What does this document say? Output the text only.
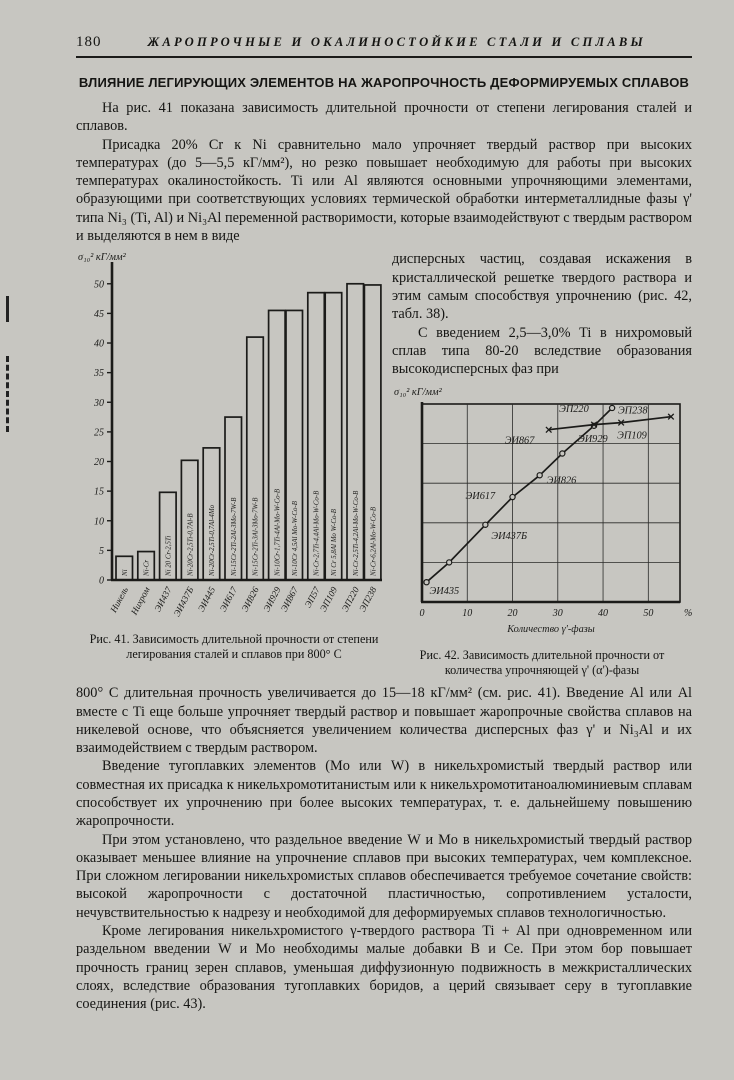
180	ЖАРОПРОЧНЫЕ И ОКАЛИНОСТОЙКИЕ СТАЛИ И СПЛАВЫ
ВЛИЯНИЕ ЛЕГИРУЮЩИХ ЭЛЕМЕНТОВ НА ЖАРОПРОЧНОСТЬ ДЕФОРМИРУЕМЫХ СПЛАВОВ

На рис. 41 показана зависимость длительной прочности от степени легирования сталей и сплавов.

Присадка 20% Cr к Ni сравнительно мало упрочняет твердый раствор при высоких температурах (до 5—5,5 кГ/мм²), но резко повышает необходимую для работы при высоких температурах окалиностойкость. Ti или Al являются основными упрочняющими элементами, образующими при соответствующих условиях термической обработки интерметаллидные фазы γ' типа Ni₃ (Ti, Al) и Ni₃Al переменной растворимости, которые взаимодействуют с твердым раствором и выделяются в нем в виде

0
5
10
15
20
25
30
35
40
45
50
σ₁₀² кГ/мм²
Ni
Никель
Ni-Cr
Нихром
Ni 20 Cr-2,5Ti
ЭИ437
Ni-20Cr-2,5Ti-0,7Al-B
ЭИ437Б
Ni-20Cr-2,5Ti-0,7Al-4Mo
ЭИ445
Ni-15Cr-2Ti-2Al-3Mo-7W-B
ЭИ617
Ni-15Cr-2Ti-3Al-3Mo-7W-B
ЭИ826
Ni-10Cr-1,7Ti-4Al-Mo-W-Co-B
ЭИ929
Ni-10Cr 4,5Al Mo-W-Co-B
ЭИ867
Ni-Cr-2,7Ti-4,4Al-Mo-W-Co-B
ЭП57
Ni Cr 5,8Al Mo W-Co-B
ЭП109
Ni-Cr-2,5Ti-4,2Al-Mo-W-Co-B
ЭП220
Ni-Cr-6,2Al-Mo-W-Co-B
ЭП238
Рис. 41. Зависимость длительной прочности от степени легирования сталей и сплавов при 800° С

дисперсных частиц, создавая искажения в кристаллической решетке твердого раствора и этим самым способствуя упрочнению (рис. 42, табл. 38).

С введением 2,5—3,0% Ti в нихромовый сплав типа 80-20 вследствие образования высокодисперсных фаз при

0	10	20	30	40	50	%
Количество γ'-фазы
σ₁₀² кГ/мм²
ЭИ435
ЭИ437Б
ЭИ617
ЭИ826
ЭИ929
ЭП220
ЭИ867	ЭП109
ЭП238
Рис. 42. Зависимость длительной прочности от количества упрочняющей γ' (α')-фазы

800° С длительная прочность увеличивается до 15—18 кГ/мм² (см. рис. 41). Введение Al или Al вместе с Ti еще больше упрочняет твердый раствор и повышает жаропрочные свойства сплавов на никелевой основе, что объясняется увеличением количества дисперсных фаз γ' и Ni₃Al и их взаимодействием с твердым раствором.

Введение тугоплавких элементов (Mo или W) в никельхромистый твердый раствор или совместная их присадка к никельхромотитанистым или к никельхромотитаноалюминиевым сплавам способствует их упрочнению при более высоких температурах, т. е. дальнейшему повышению жаропрочности.

При этом установлено, что раздельное введение W и Mo в никельхромистый твердый раствор оказывает меньшее влияние на упрочнение сплавов при высоких температурах, чем комплексное. При сложном легировании никельхромистых сплавов обеспечивается требуемое сочетание свойств: высокой жаропрочности с достаточной пластичностью, сопротивлением усталости, нечувствительностью к надрезу и необходимой для деформируемых сплавов технологичностью.

Кроме легирования никельхромистого γ-твердого раствора Ti + Al при одновременном или раздельном введении W и Mo необходимы малые добавки B и Ce. При этом бор повышает прочность границ зерен сплавов, уменьшая диффузионную подвижность в межкристаллических слоях, вследствие образования тугоплавких боридов, а церий связывает серу в тугоплавкие соединения (рис. 43).
